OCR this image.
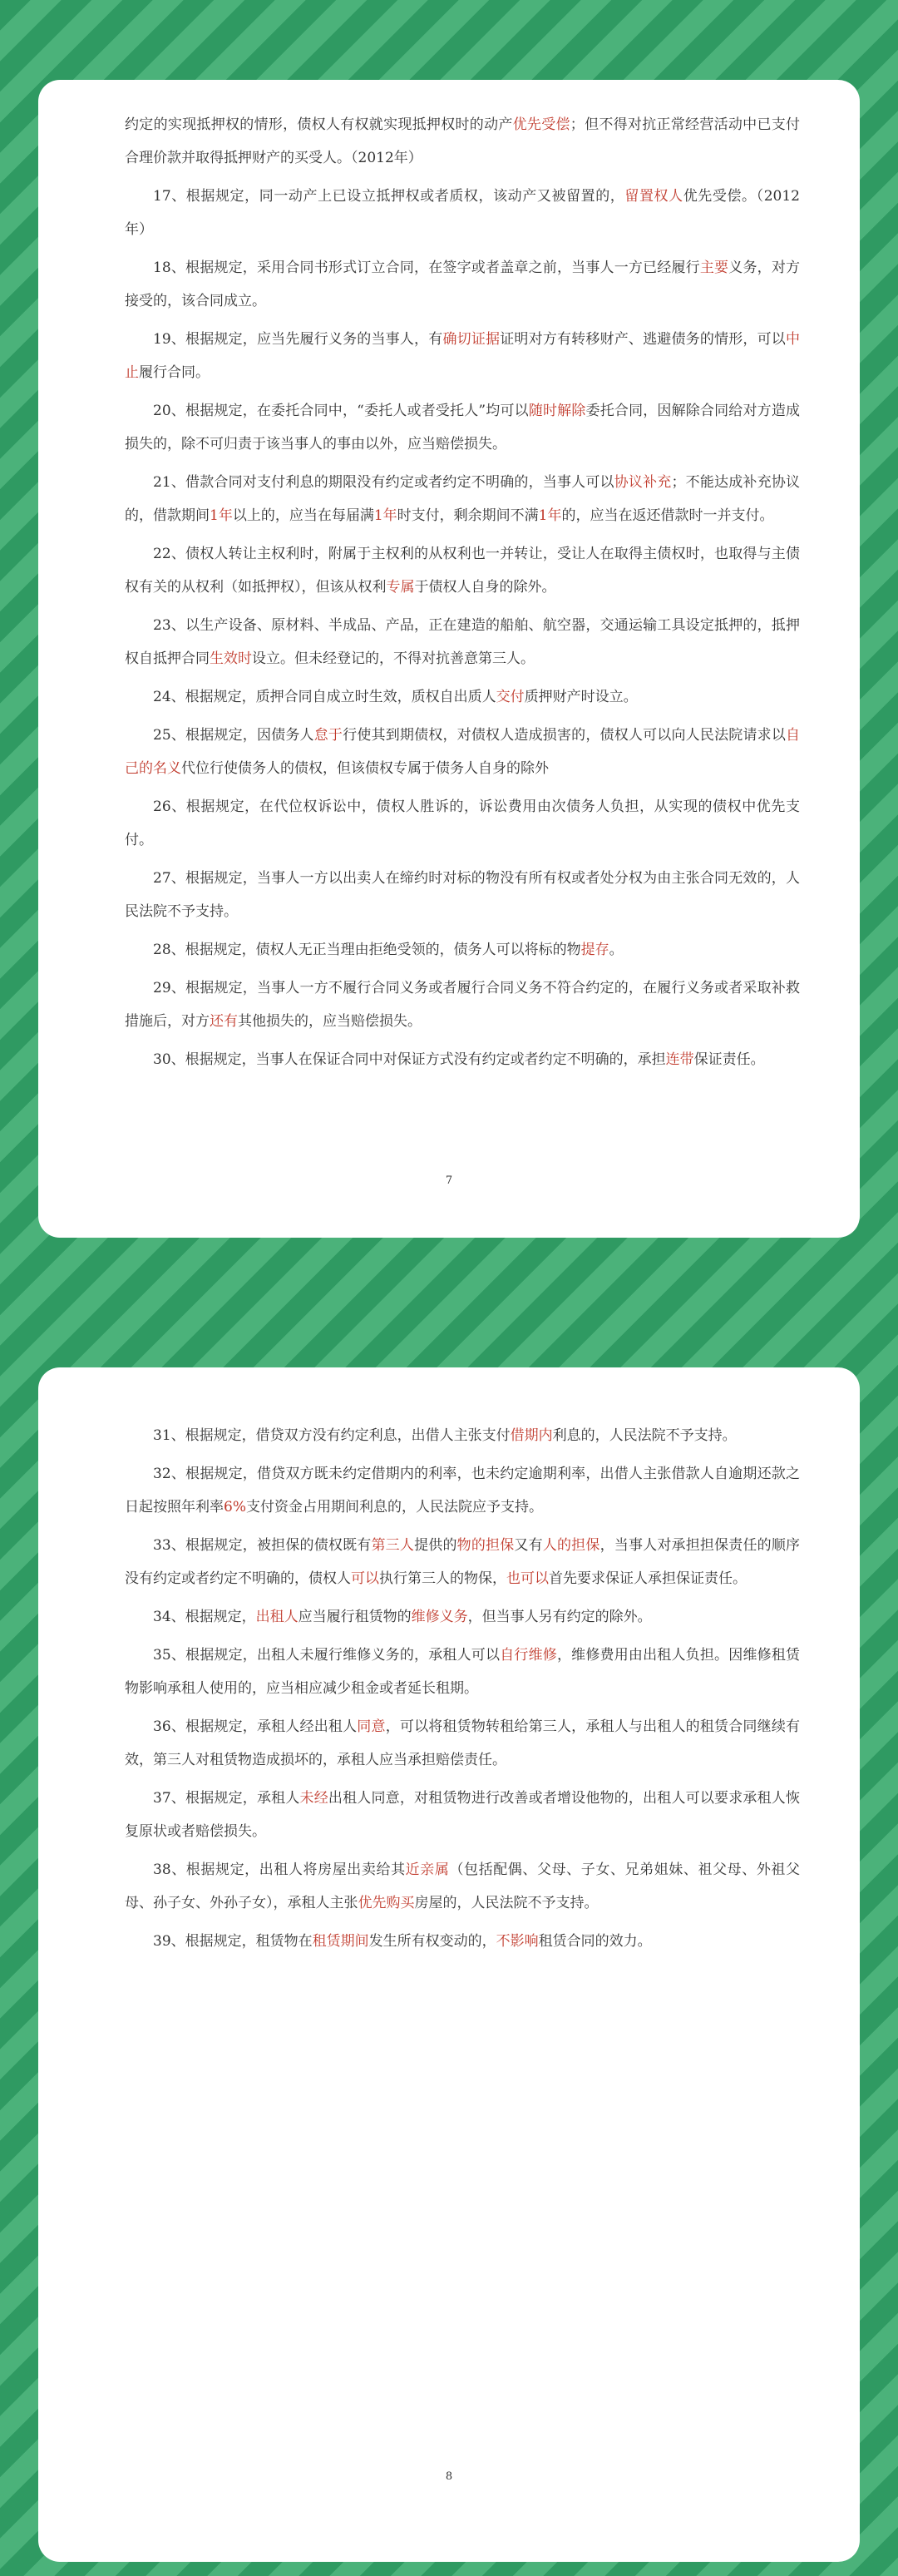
约定的实现抵押权的情形，债权人有权就实现抵押权时的动产优先受偿；但不得对抗正常经营活动中已支付合理价款并取得抵押财产的买受人。（2012年）

17、根据规定，同一动产上已设立抵押权或者质权，该动产又被留置的，留置权人优先受偿。（2012年）

18、根据规定，采用合同书形式订立合同，在签字或者盖章之前，当事人一方已经履行主要义务，对方接受的，该合同成立。

19、根据规定，应当先履行义务的当事人，有确切证据证明对方有转移财产、逃避债务的情形，可以中止履行合同。

20、根据规定，在委托合同中，“委托人或者受托人”均可以随时解除委托合同，因解除合同给对方造成损失的，除不可归责于该当事人的事由以外，应当赔偿损失。

21、借款合同对支付利息的期限没有约定或者约定不明确的，当事人可以协议补充；不能达成补充协议的，借款期间1年以上的，应当在每届满1年时支付，剩余期间不满1年的，应当在返还借款时一并支付。

22、债权人转让主权利时，附属于主权利的从权利也一并转让，受让人在取得主债权时，也取得与主债权有关的从权利（如抵押权），但该从权利专属于债权人自身的除外。

23、以生产设备、原材料、半成品、产品，正在建造的船舶、航空器，交通运输工具设定抵押的，抵押权自抵押合同生效时设立。但未经登记的，不得对抗善意第三人。

24、根据规定，质押合同自成立时生效，质权自出质人交付质押财产时设立。

25、根据规定，因债务人怠于行使其到期债权，对债权人造成损害的，债权人可以向人民法院请求以自己的名义代位行使债务人的债权，但该债权专属于债务人自身的除外

26、根据规定，在代位权诉讼中，债权人胜诉的，诉讼费用由次债务人负担，从实现的债权中优先支付。

27、根据规定，当事人一方以出卖人在缔约时对标的物没有所有权或者处分权为由主张合同无效的，人民法院不予支持。

28、根据规定，债权人无正当理由拒绝受领的，债务人可以将标的物提存。

29、根据规定，当事人一方不履行合同义务或者履行合同义务不符合约定的，在履行义务或者采取补救措施后，对方还有其他损失的，应当赔偿损失。

30、根据规定，当事人在保证合同中对保证方式没有约定或者约定不明确的，承担连带保证责任。

7

31、根据规定，借贷双方没有约定利息，出借人主张支付借期内利息的，人民法院不予支持。

32、根据规定，借贷双方既未约定借期内的利率，也未约定逾期利率，出借人主张借款人自逾期还款之日起按照年利率6%支付资金占用期间利息的，人民法院应予支持。

33、根据规定，被担保的债权既有第三人提供的物的担保又有人的担保，当事人对承担担保责任的顺序没有约定或者约定不明确的，债权人可以执行第三人的物保，也可以首先要求保证人承担保证责任。

34、根据规定，出租人应当履行租赁物的维修义务，但当事人另有约定的除外。

35、根据规定，出租人未履行维修义务的，承租人可以自行维修，维修费用由出租人负担。因维修租赁物影响承租人使用的，应当相应减少租金或者延长租期。

36、根据规定，承租人经出租人同意，可以将租赁物转租给第三人，承租人与出租人的租赁合同继续有效，第三人对租赁物造成损坏的，承租人应当承担赔偿责任。

37、根据规定，承租人未经出租人同意，对租赁物进行改善或者增设他物的，出租人可以要求承租人恢复原状或者赔偿损失。

38、根据规定，出租人将房屋出卖给其近亲属（包括配偶、父母、子女、兄弟姐妹、祖父母、外祖父母、孙子女、外孙子女），承租人主张优先购买房屋的，人民法院不予支持。

39、根据规定，租赁物在租赁期间发生所有权变动的，不影响租赁合同的效力。

8
